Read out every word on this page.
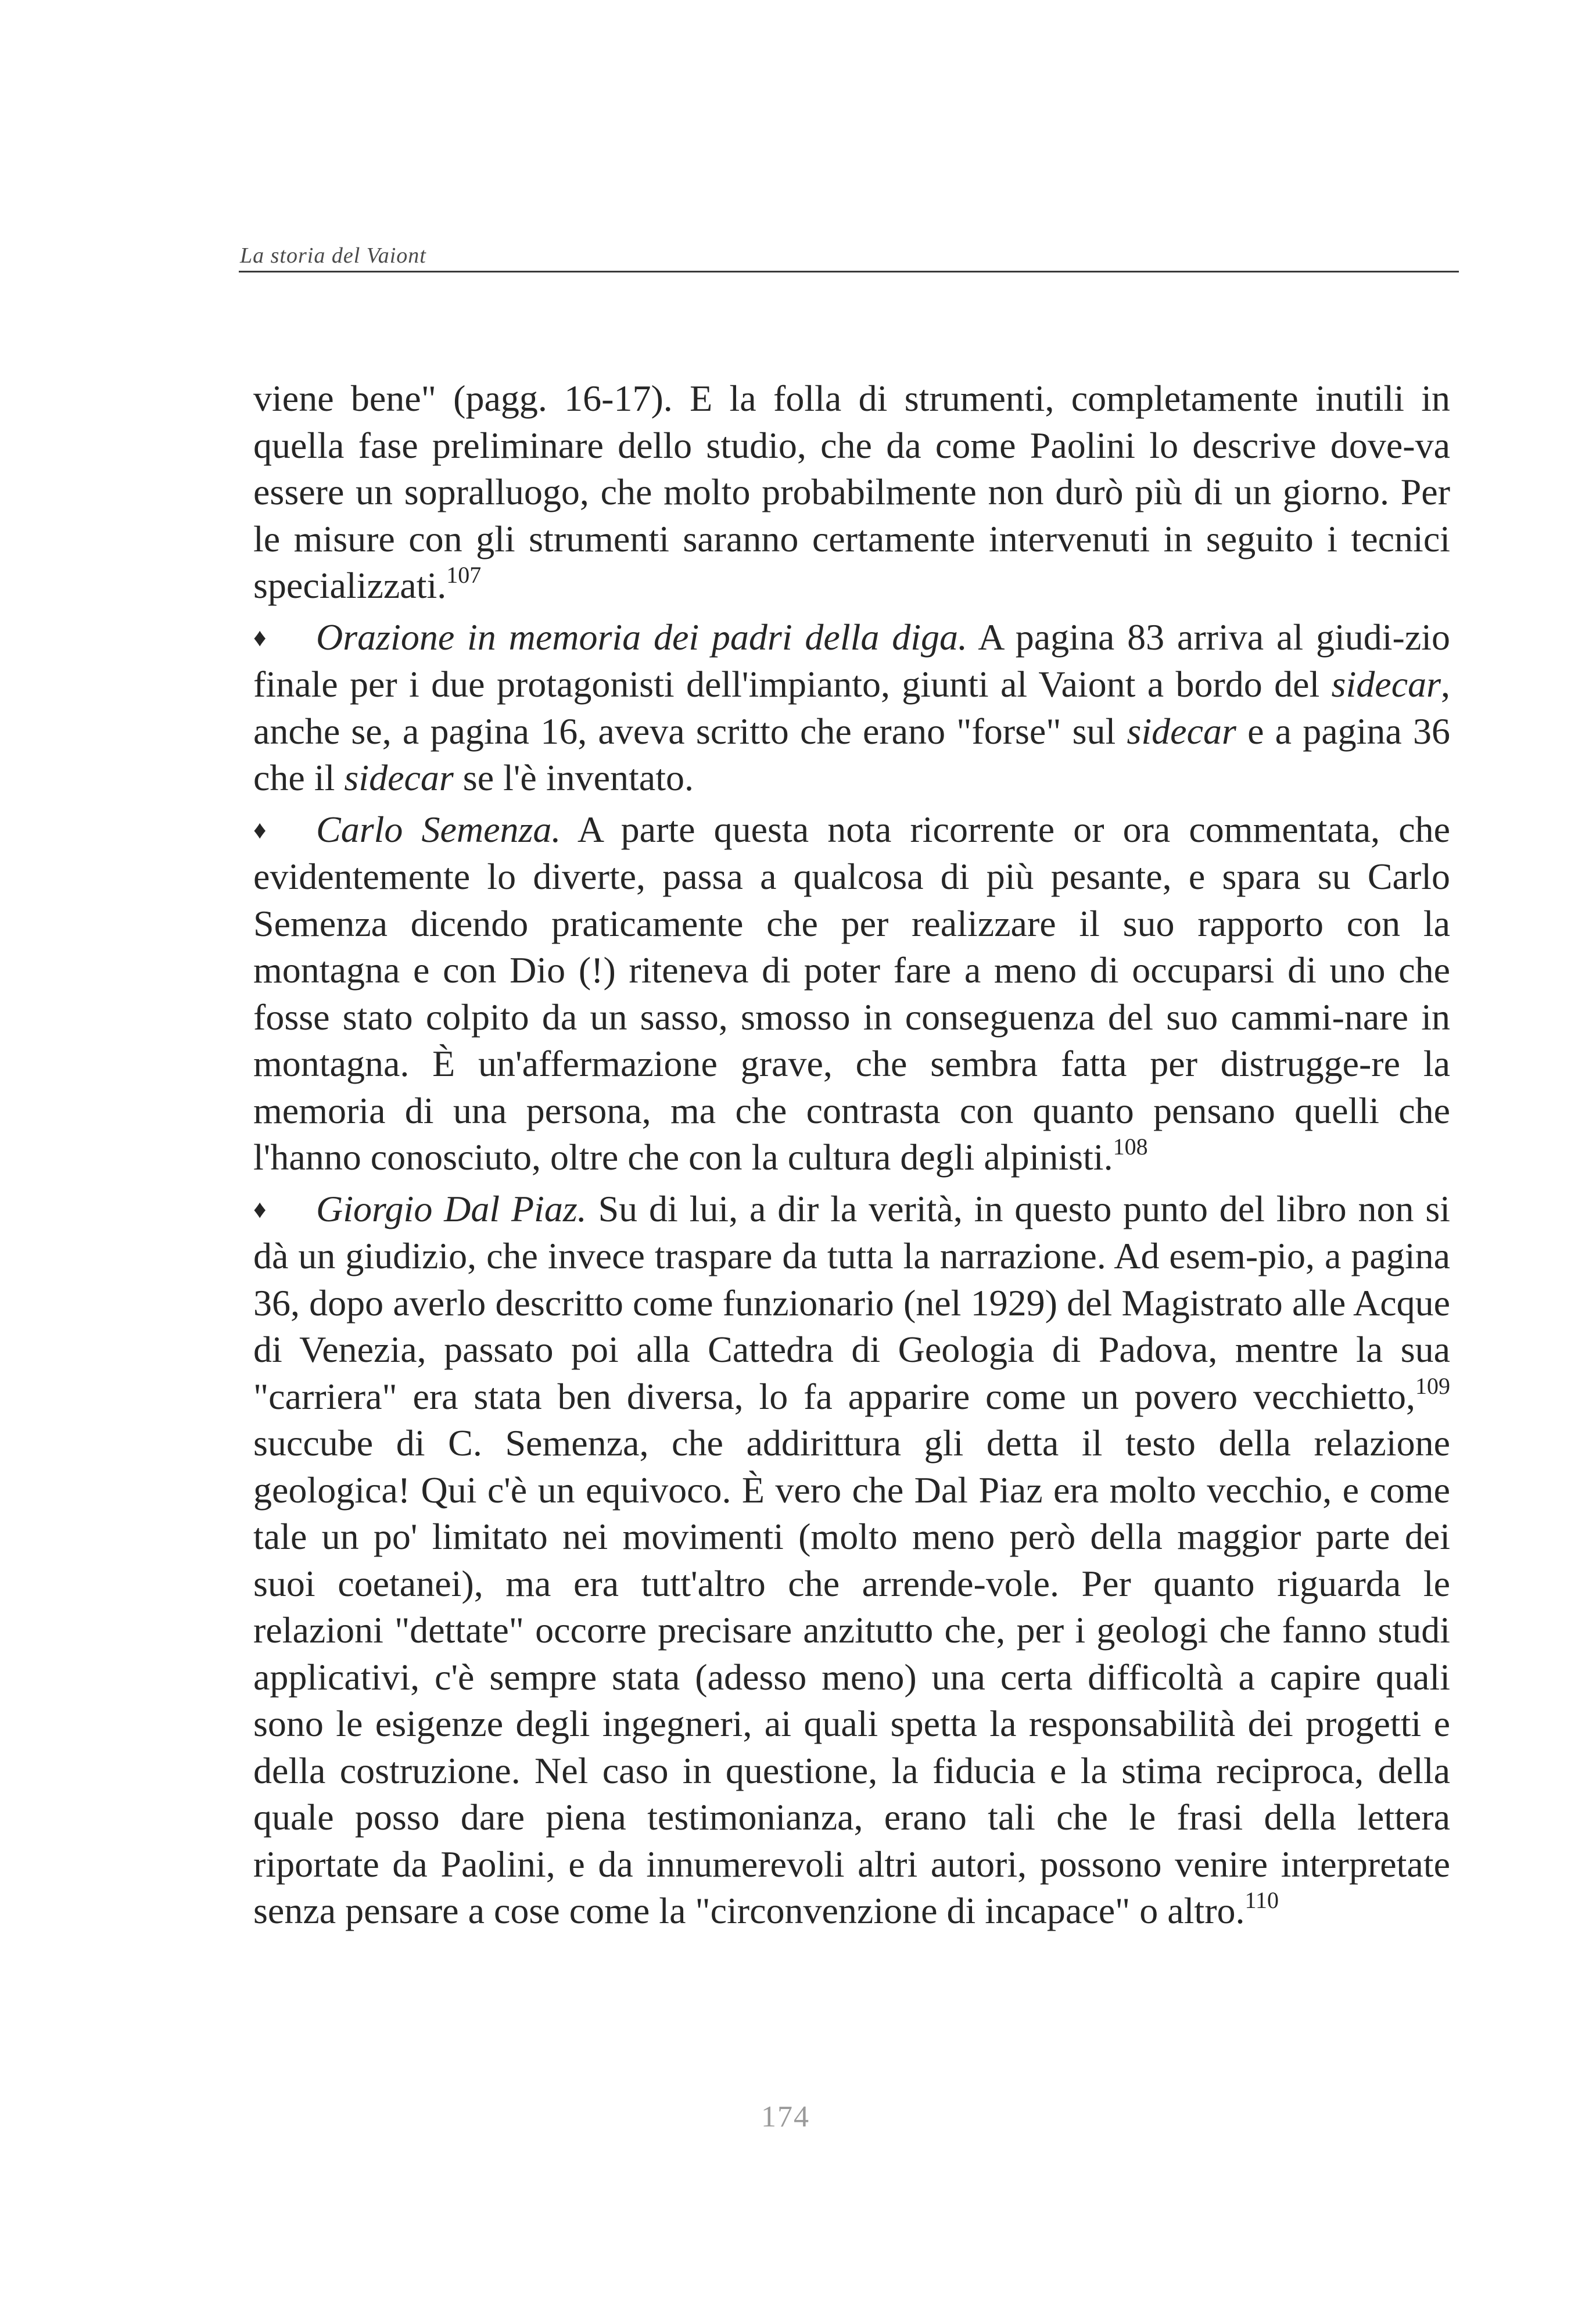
La storia del Vaiont

viene bene" (pagg. 16-17). E la folla di strumenti, completamente inutili in quella fase preliminare dello studio, che da come Paolini lo descrive dove-va essere un sopralluogo, che molto probabilmente non durò più di un giorno. Per le misure con gli strumenti saranno certamente intervenuti in seguito i tecnici specializzati.$^{107}$

♦ Orazione in memoria dei padri della diga. A pagina 83 arriva al giudi-zio finale per i due protagonisti dell'impianto, giunti al Vaiont a bordo del sidecar, anche se, a pagina 16, aveva scritto che erano "forse" sul sidecar e a pagina 36 che il sidecar se l'è inventato.

♦ Carlo Semenza. A parte questa nota ricorrente or ora commentata, che evidentemente lo diverte, passa a qualcosa di più pesante, e spara su Carlo Semenza dicendo praticamente che per realizzare il suo rapporto con la montagna e con Dio (!) riteneva di poter fare a meno di occuparsi di uno che fosse stato colpito da un sasso, smosso in conseguenza del suo cammi-nare in montagna. È un'affermazione grave, che sembra fatta per distrugge-re la memoria di una persona, ma che contrasta con quanto pensano quelli che l'hanno conosciuto, oltre che con la cultura degli alpinisti.$^{108}$

♦ Giorgio Dal Piaz. Su di lui, a dir la verità, in questo punto del libro non si dà un giudizio, che invece traspare da tutta la narrazione. Ad esem-pio, a pagina 36, dopo averlo descritto come funzionario (nel 1929) del Magistrato alle Acque di Venezia, passato poi alla Cattedra di Geologia di Padova, mentre la sua "carriera" era stata ben diversa, lo fa apparire come un povero vecchietto,$^{109}$ succube di C. Semenza, che addirittura gli detta il testo della relazione geologica! Qui c'è un equivoco. È vero che Dal Piaz era molto vecchio, e come tale un po' limitato nei movimenti (molto meno però della maggior parte dei suoi coetanei), ma era tutt'altro che arrende-vole. Per quanto riguarda le relazioni "dettate" occorre precisare anzitutto che, per i geologi che fanno studi applicativi, c'è sempre stata (adesso meno) una certa difficoltà a capire quali sono le esigenze degli ingegneri, ai quali spetta la responsabilità dei progetti e della costruzione. Nel caso in questione, la fiducia e la stima reciproca, della quale posso dare piena testimonianza, erano tali che le frasi della lettera riportate da Paolini, e da innumerevoli altri autori, possono venire interpretate senza pensare a cose come la "circonvenzione di incapace" o altro.$^{110}$

174
